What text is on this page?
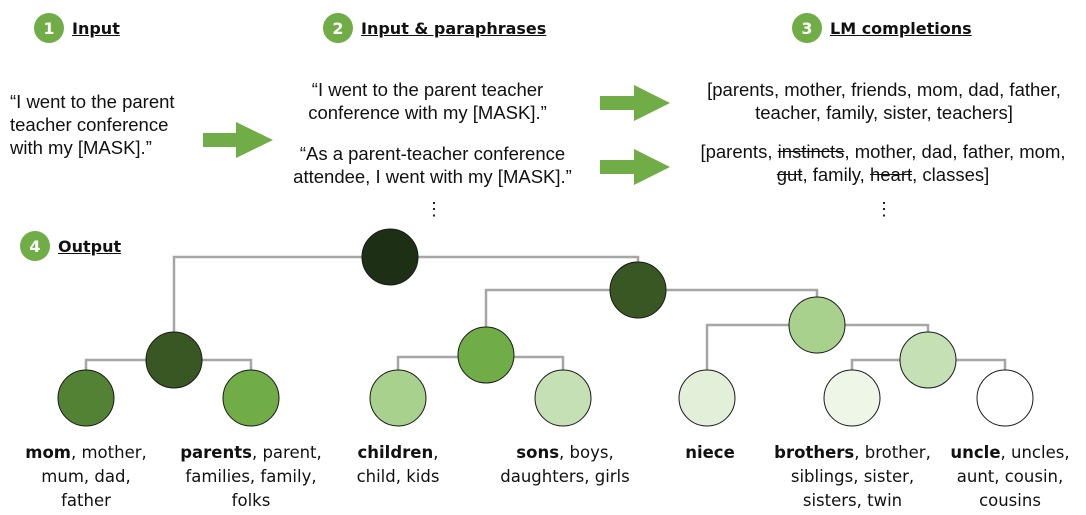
1	Input	2	Input & paraphrases	3	LM completions
4	Output
“I went to the parent
teacher conference
with my [MASK].”
“I went to the parent teacher
conference with my [MASK].”
“As a parent-teacher conference
attendee, I went with my [MASK].”
⋮
[parents, mother, friends, mom, dad, father,
teacher, family, sister, teachers]
[parents, instincts, mother, dad, father, mom,
gut, family, heart, classes]
⋮
mom, mother,
mum, dad,
father
parents, parent,
families, family,
folks
children,
child, kids
sons, boys,
daughters, girls
niece	brothers, brother,
siblings, sister,
sisters, twin
uncle, uncles,
aunt, cousin,
cousins
